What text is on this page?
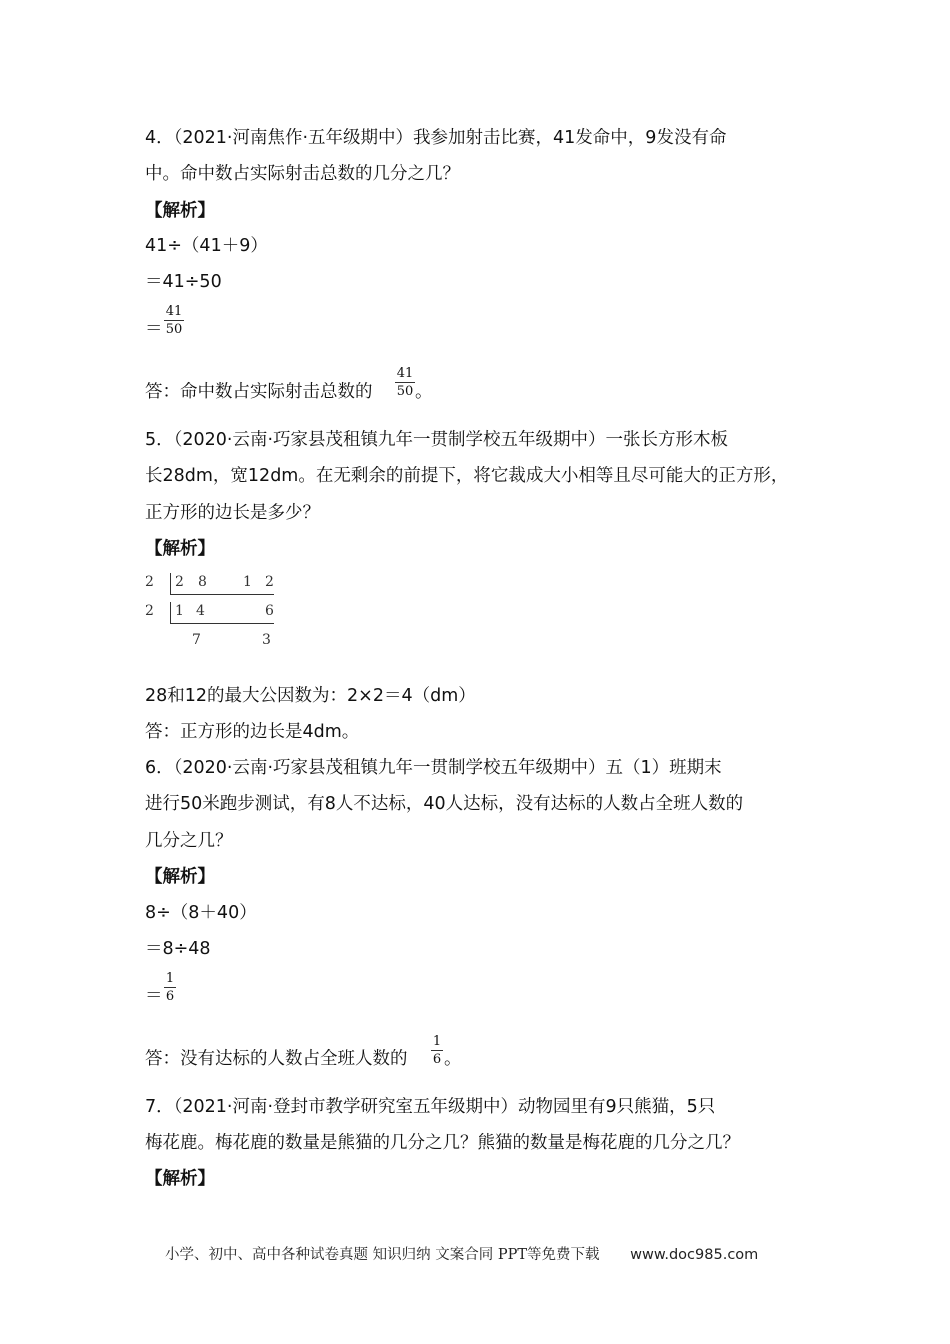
4．（2021·河南焦作·五年级期中）我参加射击比赛，41发命中，9发没有命
中。命中数占实际射击总数的几分之几？
【解析】
41÷（41＋9）
＝41÷50
＝
41
50
答：命中数占实际射击总数的
41
50 。
5．（2020·云南·巧家县茂租镇九年一贯制学校五年级期中）一张长方形木板
长28dm，宽12dm。在无剩余的前提下，将它裁成大小相等且尽可能大的正方形，
正方形的边长是多少？
【解析】
2 2 8	1 2
2 1 4	6
7	3
28和12的最大公因数为：2×2＝4（dm）
答：正方形的边长是4dm。
6．（2020·云南·巧家县茂租镇九年一贯制学校五年级期中）五（1）班期末
进行50米跑步测试，有8人不达标，40人达标，没有达标的人数占全班人数的
几分之几？
【解析】
8÷（8＋40）
＝8÷48
＝
1
6
答：没有达标的人数占全班人数的
1
6 。
7．（2021·河南·登封市教学研究室五年级期中）动物园里有9只熊猫，5只
梅花鹿。梅花鹿的数量是熊猫的几分之几？熊猫的数量是梅花鹿的几分之几？
【解析】
小学、初中、高中各种试卷真题 知识归纳 文案合同 PPT等免费下载 www.doc985.com
